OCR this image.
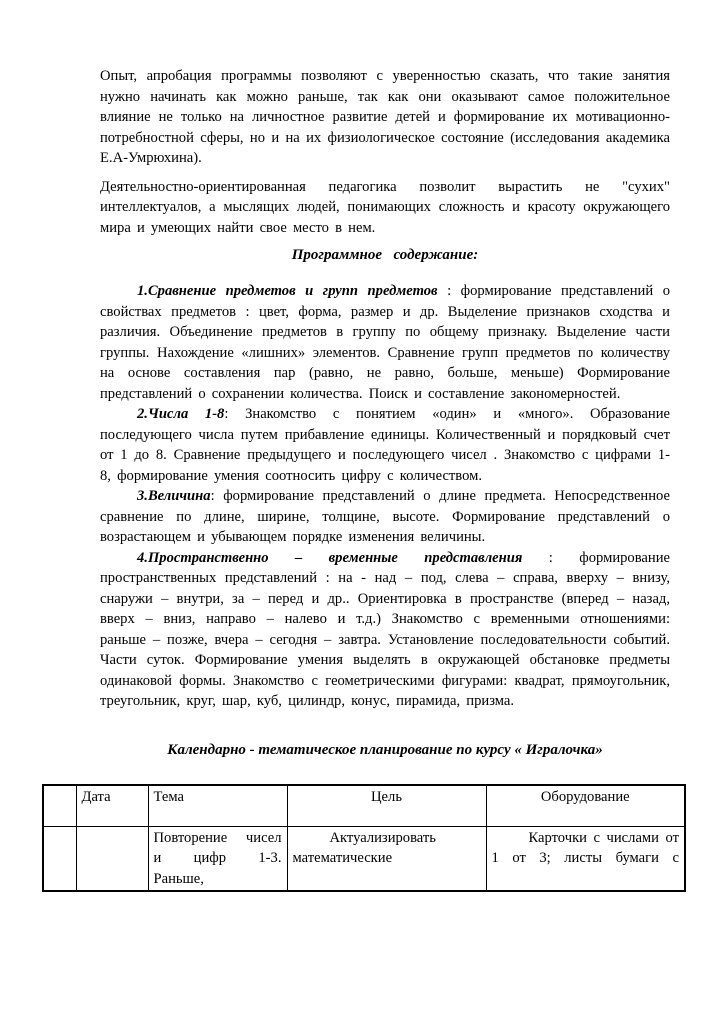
Опыт, апробация программы позволяют с уверенностью сказать, что такие занятия нужно начинать как можно раньше, так как они оказывают самое положительное влияние не только на личностное развитие детей и формирование их мотивационно-потребностной сферы, но и на их физиологическое состояние (исследования академика Е.А-Умрюхина).

Деятельностно-ориентированная педагогика позволит вырастить не "сухих" интеллектуалов, а мыслящих людей, понимающих сложность и красоту окружающего мира и умеющих найти свое место в нем.

Программное  содержание:

1.Сравнение предметов и групп предметов : формирование представлений о свойствах предметов : цвет, форма, размер и др. Выделение признаков сходства и различия. Объединение предметов в группу по общему признаку. Выделение части группы. Нахождение «лишних» элементов. Сравнение групп предметов по количеству на основе составления пар (равно, не равно, больше, меньше) Формирование представлений о сохранении количества. Поиск и составление закономерностей.

2.Числа 1-8: Знакомство с понятием «один» и «много». Образование последующего числа путем прибавление единицы. Количественный и порядковый счет от 1 до 8. Сравнение предыдущего и последующего чисел . Знакомство с цифрами 1-8, формирование умения соотносить цифру с количеством.

3.Величина: формирование представлений о длине предмета. Непосредственное сравнение по длине, ширине, толщине, высоте. Формирование представлений о возрастающем и убывающем порядке изменения величины.

4.Пространственно – временные представления : формирование пространственных представлений : на - над – под, слева – справа, вверху – внизу, снаружи – внутри, за – перед и др.. Ориентировка в пространстве (вперед – назад, вверх – вниз, направо – налево и т.д.) Знакомство с временными отношениями: раньше – позже, вчера – сегодня – завтра. Установление последовательности событий. Части суток. Формирование умения выделять в окружающей обстановке предметы одинаковой формы. Знакомство с геометрическими фигурами: квадрат, прямоугольник, треугольник, круг, шар, куб, цилиндр, конус, пирамида, призма.

Календарно - тематическое планирование по курсу « Игралочка»
	Дата	Тема	Цель	Оборудование
		Повторение чисел и цифр 1-3. Раньше,	Актуализировать математические	Карточки с числами от 1 от 3; листы бумаги с
